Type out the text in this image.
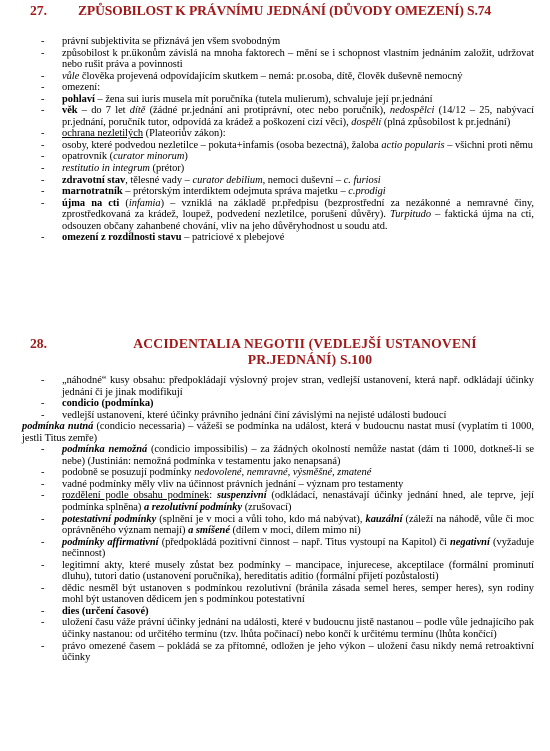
27. ZPŮSOBILOST K PRÁVNÍMU JEDNÁNÍ (DŮVODY OMEZENÍ) S.74
-	právní subjektivita se přiznává jen všem svobodným
-	způsobilost k pr.ükonům závislá na mnoha faktorech – mění se i schopnost vlastním jednáním založit, udržovat nebo rušit práva a povinnosti
-	vůle člověka projevená odpovídajícím skutkem – nemá: pr.osoba, dítě, člověk duševně nemocný
-	omezení:
-	pohlaví – žena sui iuris musela mít poručníka (tutela mulierum), schvaluje její pr.jednání
-	věk – do 7 let dítě (žádné pr.jednání ani protiprávní, otec nebo poručník), nedospělci (14/12 – 25, nabývací pr.jednání, poručník tutor, odpovídá za krádež a poškození cizí věci), dospělí (plná způsobilost k pr.jednání)
-	ochrana nezletilých (Plateoriův zákon):
-	osoby, které podvedou nezletilce – pokuta+infamis (osoba bezectná), žaloba actio popularis – všichni proti němu
-	opatrovník (curator minorum)
-	restitutio in integrum (prétor)
-	zdravotní stav, tělesné vady – curator debilium, nemoci duševní – c. furiosi
-	marnotratník – prétorským interdiktem odejmuta správa majetku – c.prodigi
-	újma na cti (infamia) – vzniklá na základě pr.předpisu (bezprostřední za nezákonné a nemravné činy, zprostředkovaná za krádež, loupež, podvedení nezletilce, porušení důvěry). Turpitudo – faktická újma na cti, odsouzen občany zahanbené chování, vliv na jeho důvěryhodnost u soudu atd.
-	omezení z rozdílnosti stavu – patriciové x plebejové
28.	ACCIDENTALIA NEGOTII (VEDLEJŠÍ USTANOVENÍ
PR.JEDNÁNÍ) S.100
-	„náhodné“ kusy obsahu: předpokládají výslovný projev stran, vedlejší ustanovení, která např. odkládají účinky jednání či je jinak modifikují
-	condicio (podmínka)
-	vedlejší ustanovení, které účinky právního jednání činí závislými na nejisté události budoucí
podmínka nutná (condicio necessaria) – vážeši se podmínka na událost, která v budoucnu nastat musí (vyplatím ti 1000, jestli Titus zemře)
-	podmínka nemožná (condicio impossibilis) – za žádných okolností nemůže nastat (dám ti 1000, dotkneš-li se nebe) (Justinián: nemožná podmínka v testamentu jako nenapsaná)
-	podobně se posuzují podmínky nedovolené, nemravné, výsměšné, zmatené
-	vadné podmínky měly vliv na účinnost právních jednání – význam pro testamenty
-	rozdělení podle obsahu podmínek: suspenzivní (odkládací, nenastávají účinky jednání hned, ale teprve, její podmínka splněna) a rezolutivní podmínky (zrušovací)
-	potestativní podmínky (splnění je v moci a vůli toho, kdo má nabývat), kauzální (záleží na náhodě, vůle či moc oprávněného význam nemají) a smíšené (dílem v moci, dílem mimo ni)
-	podmínky affirmativní (předpokládá pozitivní činnost – např. Titus vystoupí na Kapitol) či negativní (vyžaduje nečinnost)
-	legitimní akty, které musely zůstat bez podmínky – mancipace, injurecese, akceptilace (formální prominutí dluhu), tutori datio (ustanovení poručníka), hereditatis aditio (formální přijetí pozůstalosti)
-	dědic nesměl být ustanoven s podmínkou rezolutivní (bránila zásada semel heres, semper heres), syn rodiny mohl být ustanoven dědicem jen s podmínkou potestativní
-	dies (určení časové)
-	uložení času váže právní účinky jednání na události, které v budoucnu jistě nastanou – podle vůle jednajícího pak účinky nastanou: od určitého termínu (tzv. lhůta počínací) nebo končí k určitému termínu (lhůta končící)
-	právo omezené časem – pokládá se za přítomné, odložen je jeho výkon – uložení času nikdy nemá retroaktivní účinky
